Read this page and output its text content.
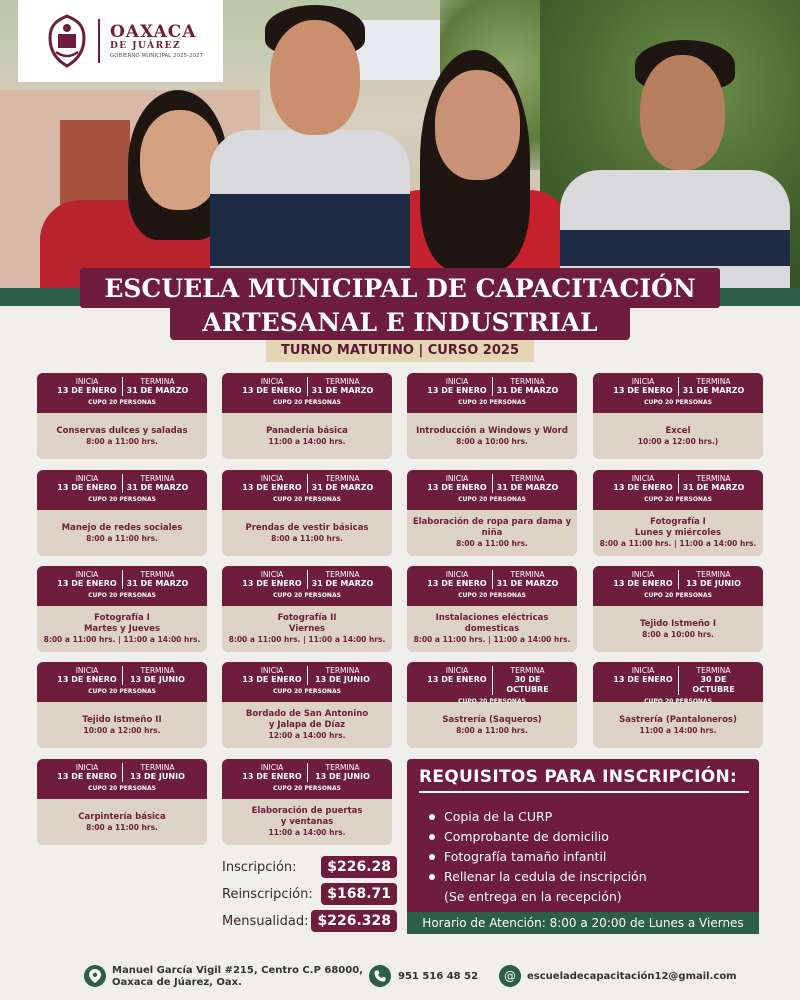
OAXACA
DE JUÁREZ
GOBIERNO MUNICIPAL 2025-2027
ESCUELA MUNICIPAL DE CAPACITACIÓN
ARTESANAL E INDUSTRIAL
TURNO MATUTINO | CURSO 2025
INICIA
13 DE ENERO
TERMINA
31 DE MARZO
CUPO 20 PERSONAS
Conservas dulces y saladas
8:00 a 11:00 hrs.
INICIA
13 DE ENERO
TERMINA
31 DE MARZO
CUPO 20 PERSONAS
Panadería básica
11:00 a 14:00 hrs.
INICIA
13 DE ENERO
TERMINA
31 DE MARZO
CUPO 20 PERSONAS
Introducción a Windows y Word
8:00 a 10:00 hrs.
INICIA
13 DE ENERO
TERMINA
31 DE MARZO
CUPO 20 PERSONAS
Excel
10:00 a 12:00 hrs.)
INICIA
13 DE ENERO
TERMINA
31 DE MARZO
CUPO 20 PERSONAS
Manejo de redes sociales
8:00 a 11:00 hrs.
INICIA
13 DE ENERO
TERMINA
31 DE MARZO
CUPO 20 PERSONAS
Prendas de vestir básicas
8:00 a 11:00 hrs.
INICIA
13 DE ENERO
TERMINA
31 DE MARZO
CUPO 20 PERSONAS
Elaboración de ropa para dama y niña
8:00 a 11:00 hrs.
INICIA
13 DE ENERO
TERMINA
31 DE MARZO
CUPO 20 PERSONAS
Fotografía I
Lunes y miércoles
8:00 a 11:00 hrs. | 11:00 a 14:00 hrs.
INICIA
13 DE ENERO
TERMINA
31 DE MARZO
CUPO 20 PERSONAS
Fotografía I
Martes y Jueves
8:00 a 11:00 hrs. | 11:00 a 14:00 hrs.
INICIA
13 DE ENERO
TERMINA
31 DE MARZO
CUPO 20 PERSONAS
Fotografía II
Viernes
8:00 a 11:00 hrs. | 11:00 a 14:00 hrs.
INICIA
13 DE ENERO
TERMINA
31 DE MARZO
CUPO 20 PERSONAS
Instalaciones eléctricas domesticas
8:00 a 11:00 hrs. | 11:00 a 14:00 hrs.
INICIA
13 DE ENERO
TERMINA
13 DE JUNIO
CUPO 20 PERSONAS
Tejido Istmeño I
8:00 a 10:00 hrs.
INICIA
13 DE ENERO
TERMINA
13 DE JUNIO
CUPO 20 PERSONAS
Tejido Istmeño II
10:00 a 12:00 hrs.
INICIA
13 DE ENERO
TERMINA
13 DE JUNIO
CUPO 20 PERSONAS
Bordado de San Antonino
y Jalapa de Díaz
12:00 a 14:00 hrs.
INICIA
13 DE ENERO
TERMINA
30 DE OCTUBRE
CUPO 20 PERSONAS
Sastrería (Saqueros)
8:00 a 11:00 hrs.
INICIA
13 DE ENERO
TERMINA
30 DE OCTUBRE
CUPO 20 PERSONAS
Sastrería (Pantaloneros)
11:00 a 14:00 hrs.
INICIA
13 DE ENERO
TERMINA
13 DE JUNIO
CUPO 20 PERSONAS
Carpintería básica
8:00 a 11:00 hrs.
INICIA
13 DE ENERO
TERMINA
13 DE JUNIO
CUPO 20 PERSONAS
Elaboración de puertas
y ventanas
11:00 a 14:00 hrs.
Inscripción:	$226.28
Reinscripción:	$168.71
Mensualidad: $226.328
REQUISITOS PARA INSCRIPCIÓN:
Copia de la CURP
Comprobante de domicilio
Fotografía tamaño infantil
Rellenar la cedula de inscripción
(Se entrega en la recepción)
Horario de Atención: 8:00 a 20:00 de Lunes a Viernes
Manuel García Vigil #215, Centro C.P 68000,
Oaxaca de Júarez, Oax.
951 516 48 52	@	escueladecapacitación12@gmail.com
